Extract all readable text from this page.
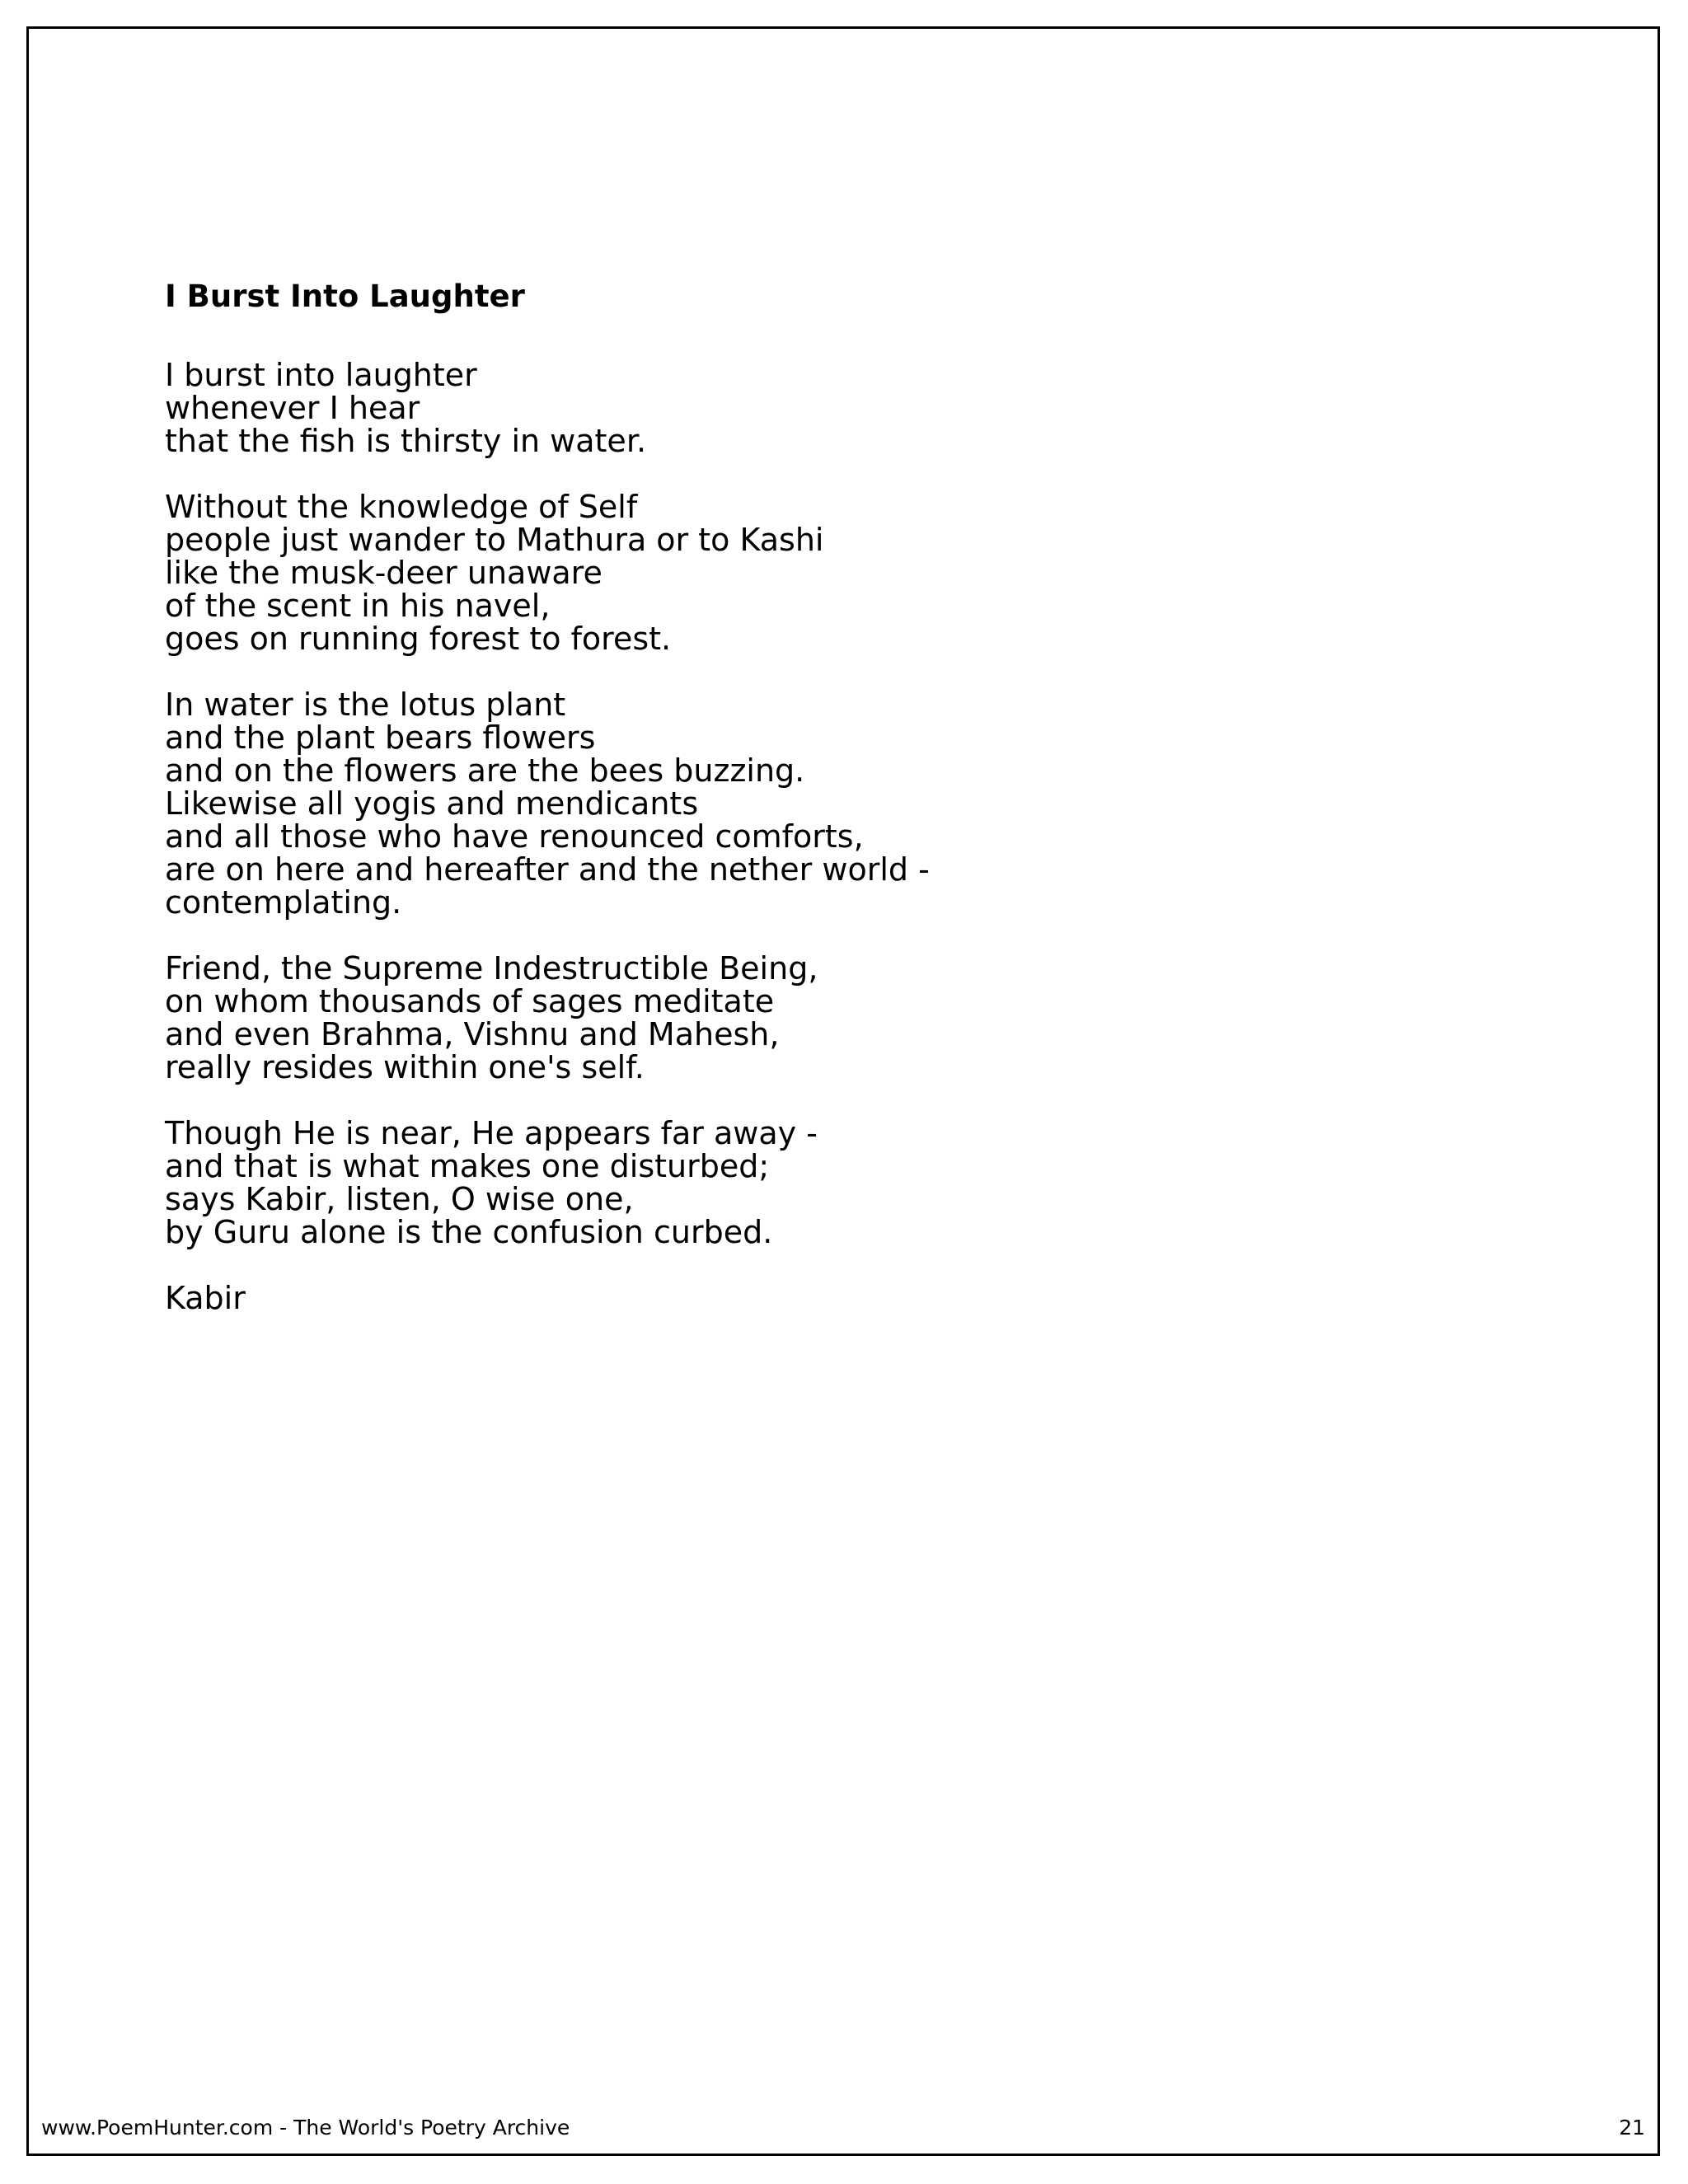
I Burst Into Laughter
I burst into laughter
whenever I hear
that the fish is thirsty in water.
Without the knowledge of Self
people just wander to Mathura or to Kashi
like the musk-deer unaware
of the scent in his navel,
goes on running forest to forest.
In water is the lotus plant
and the plant bears flowers
and on the flowers are the bees buzzing.
Likewise all yogis and mendicants
and all those who have renounced comforts,
are on here and hereafter and the nether world -
contemplating.
Friend, the Supreme Indestructible Being,
on whom thousands of sages meditate
and even Brahma, Vishnu and Mahesh,
really resides within one's self.
Though He is near, He appears far away -
and that is what makes one disturbed;
says Kabir, listen, O wise one,
by Guru alone is the confusion curbed.
Kabir
www.PoemHunter.com - The World's Poetry Archive	21
